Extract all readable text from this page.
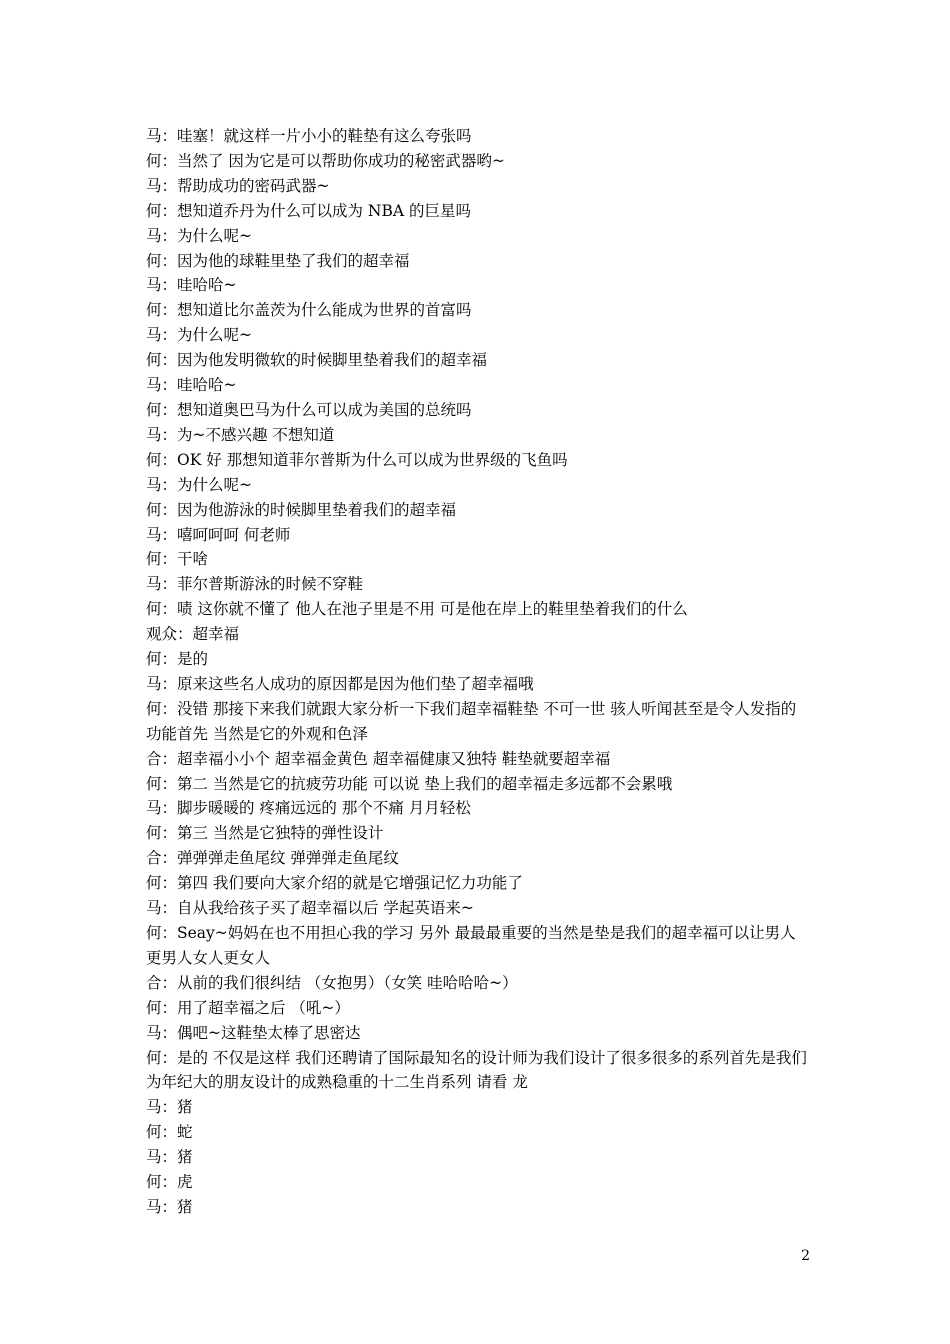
马：哇塞！就这样一片小小的鞋垫有这么夸张吗

何：当然了 因为它是可以帮助你成功的秘密武器哟~

马：帮助成功的密码武器~

何：想知道乔丹为什么可以成为 NBA 的巨星吗

马：为什么呢~

何：因为他的球鞋里垫了我们的超幸福

马：哇哈哈~

何：想知道比尔盖茨为什么能成为世界的首富吗

马：为什么呢~

何：因为他发明微软的时候脚里垫着我们的超幸福

马：哇哈哈~

何：想知道奥巴马为什么可以成为美国的总统吗

马：为~不感兴趣 不想知道

何：OK 好 那想知道菲尔普斯为什么可以成为世界级的飞鱼吗

马：为什么呢~

何：因为他游泳的时候脚里垫着我们的超幸福

马：嘻呵呵呵 何老师

何：干啥

马：菲尔普斯游泳的时候不穿鞋

何：啧 这你就不懂了 他人在池子里是不用 可是他在岸上的鞋里垫着我们的什么

观众：超幸福

何：是的

马：原来这些名人成功的原因都是因为他们垫了超幸福哦

何：没错 那接下来我们就跟大家分析一下我们超幸福鞋垫 不可一世 骇人听闻甚至是令人发指的功能首先 当然是它的外观和色泽

合：超幸福小小个 超幸福金黄色 超幸福健康又独特 鞋垫就要超幸福

何：第二 当然是它的抗疲劳功能 可以说 垫上我们的超幸福走多远都不会累哦

马：脚步暖暖的 疼痛远远的 那个不痛 月月轻松

何：第三 当然是它独特的弹性设计

合：弹弹弹走鱼尾纹 弹弹弹走鱼尾纹

何：第四 我们要向大家介绍的就是它增强记忆力功能了

马：自从我给孩子买了超幸福以后 学起英语来~

何：Seay~妈妈在也不用担心我的学习 另外 最最最重要的当然是垫是我们的超幸福可以让男人更男人女人更女人

合：从前的我们很纠结 （女抱男）（女笑 哇哈哈哈~）

何：用了超幸福之后 （吼~）

马：偶吧~这鞋垫太棒了思密达

何：是的 不仅是这样 我们还聘请了国际最知名的设计师为我们设计了很多很多的系列首先是我们为年纪大的朋友设计的成熟稳重的十二生肖系列 请看 龙

马：猪

何：蛇

马：猪

何：虎

马：猪

2
